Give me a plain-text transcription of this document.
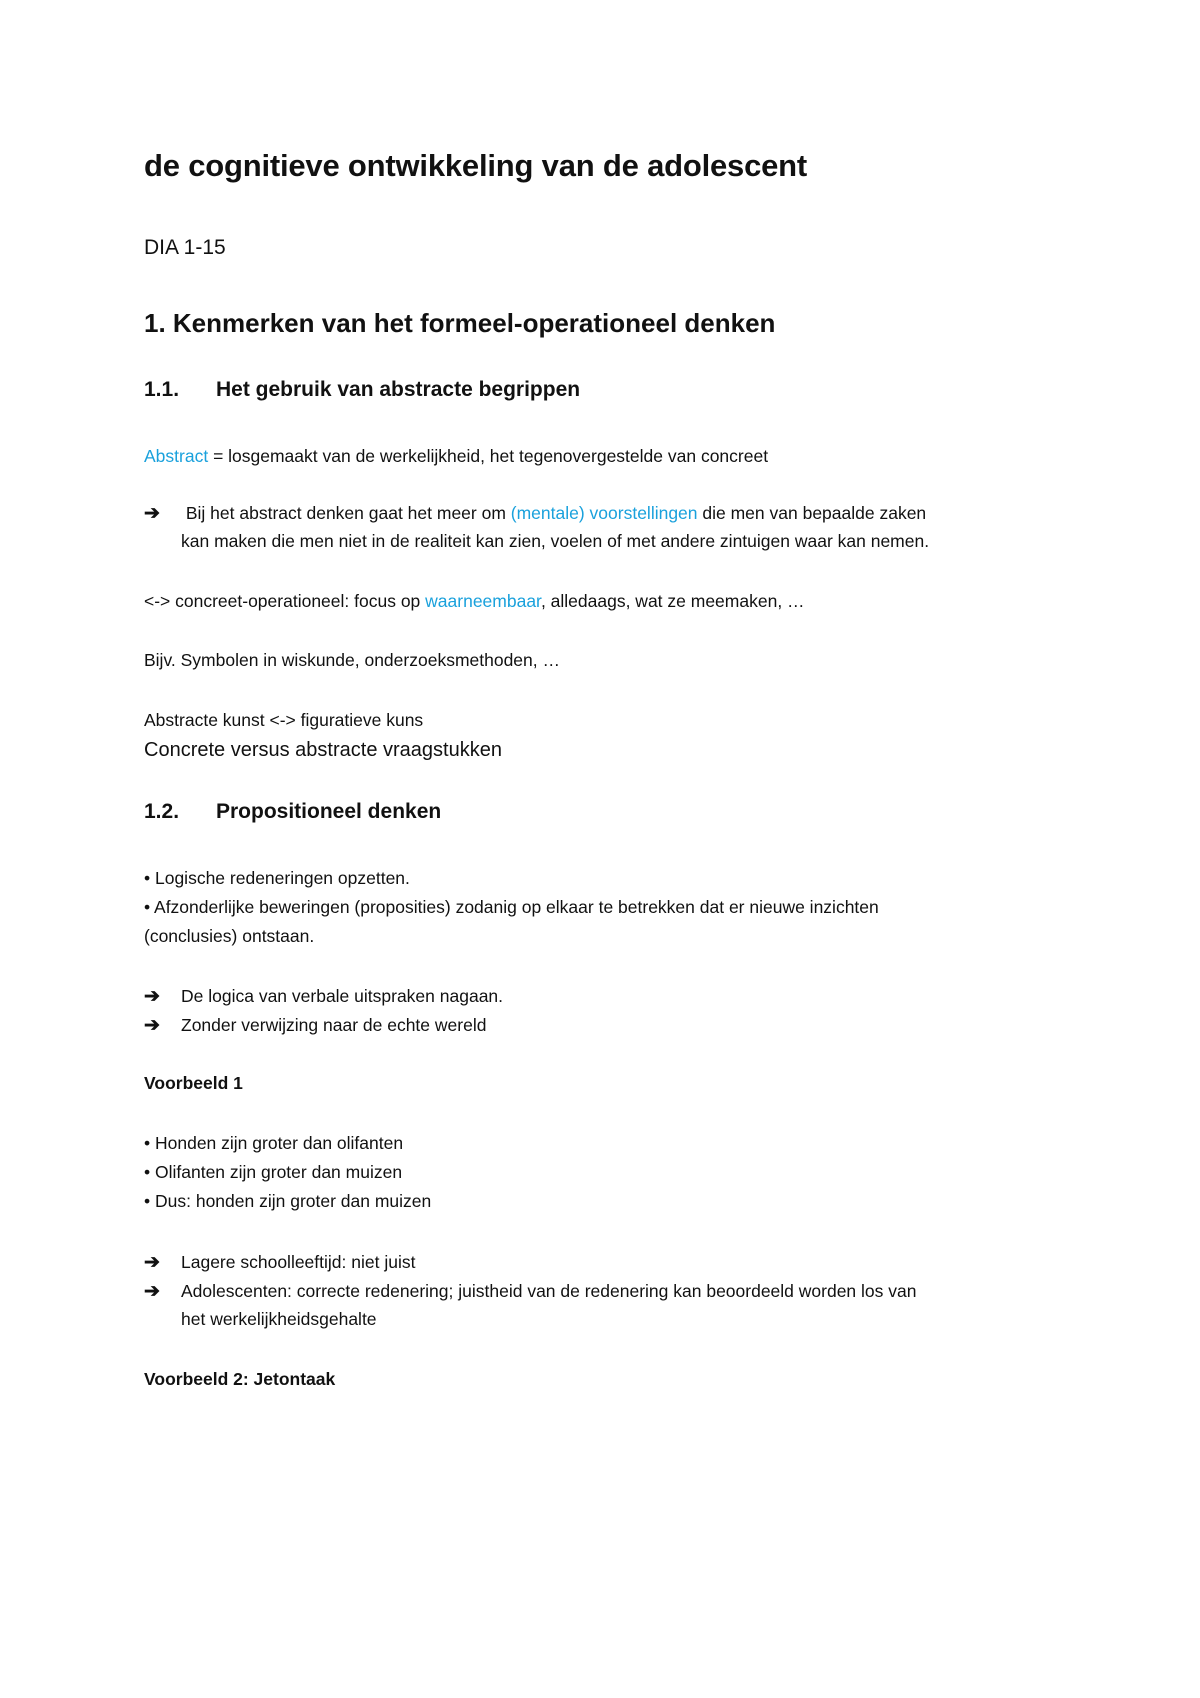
de cognitieve ontwikkeling van de adolescent
DIA 1-15
1. Kenmerken van het formeel-operationeel denken
1.1. Het gebruik van abstracte begrippen
Abstract = losgemaakt van de werkelijkheid, het tegenovergestelde van concreet
➔ Bij het abstract denken gaat het meer om (mentale) voorstellingen die men van bepaalde zaken
kan maken die men niet in de realiteit kan zien, voelen of met andere zintuigen waar kan nemen.
<-> concreet-operationeel: focus op waarneembaar, alledaags, wat ze meemaken, …
Bijv. Symbolen in wiskunde, onderzoeksmethoden, …
Abstracte kunst <-> figuratieve kuns
Concrete versus abstracte vraagstukken
1.2. Propositioneel denken
• Logische redeneringen opzetten.
• Afzonderlijke beweringen (proposities) zodanig op elkaar te betrekken dat er nieuwe inzichten
(conclusies) ontstaan.
➔ De logica van verbale uitspraken nagaan.
➔ Zonder verwijzing naar de echte wereld
Voorbeeld 1
• Honden zijn groter dan olifanten
• Olifanten zijn groter dan muizen
• Dus: honden zijn groter dan muizen
➔ Lagere schoolleeftijd: niet juist
➔ Adolescenten: correcte redenering; juistheid van de redenering kan beoordeeld worden los van
het werkelijkheidsgehalte
Voorbeeld 2: Jetontaak
